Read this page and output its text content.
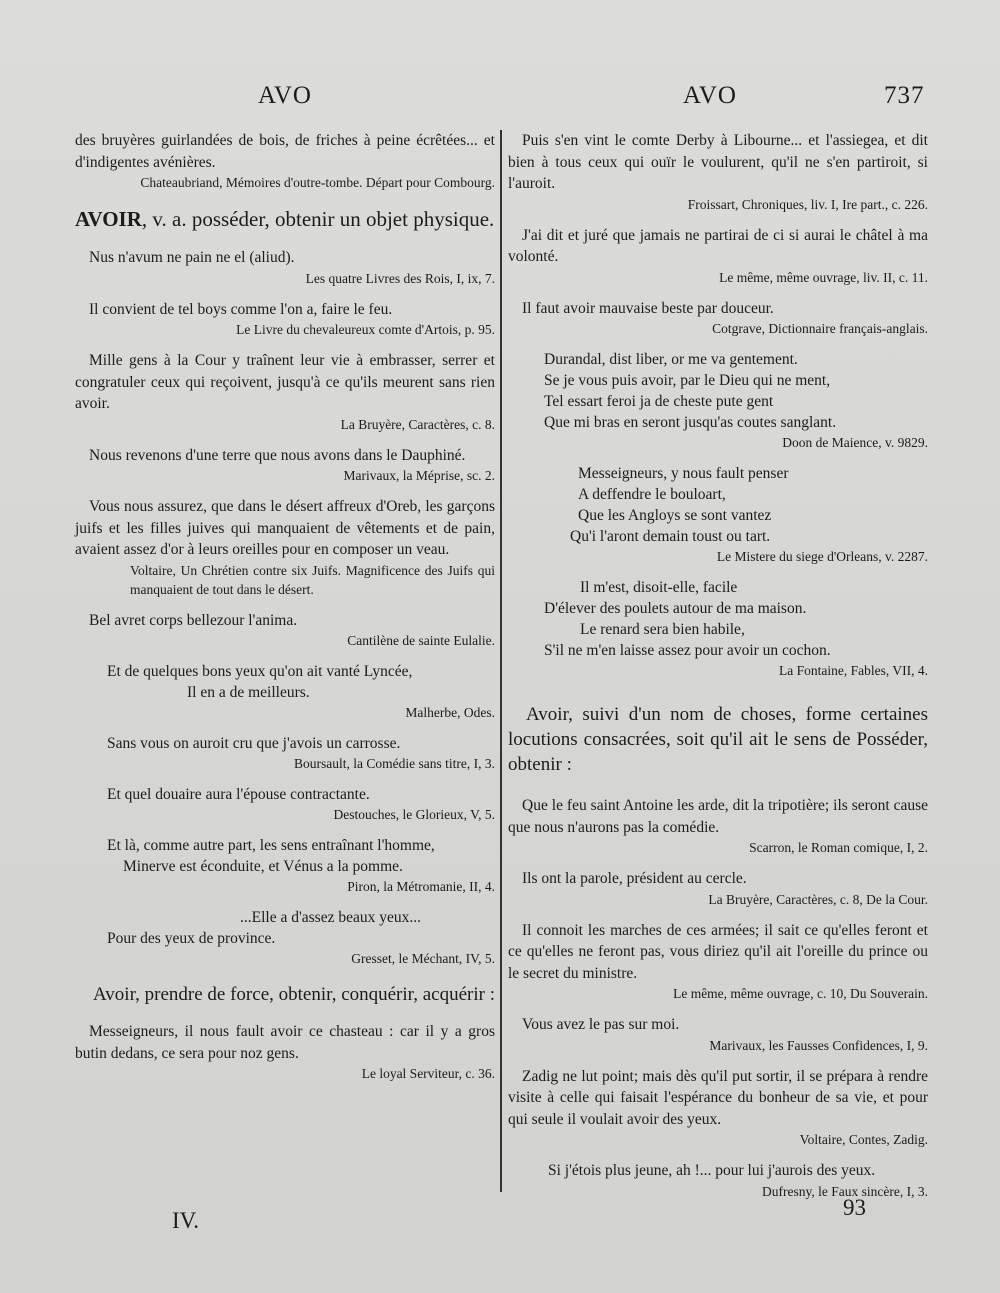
AVO	AVO	737

des bruyères guirlandées de bois, de friches à peine écrêtées... et d'indigentes avénières.

Chateaubriand, Mémoires d'outre-tombe. Départ pour Combourg.

AVOIR, v. a. posséder, obtenir un objet physique.

Nus n'avum ne pain ne el (aliud).

Les quatre Livres des Rois, I, ix, 7.

Il convient de tel boys comme l'on a, faire le feu.

Le Livre du chevaleureux comte d'Artois, p. 95.

Mille gens à la Cour y traînent leur vie à embrasser, serrer et congratuler ceux qui reçoivent, jusqu'à ce qu'ils meurent sans rien avoir.

La Bruyère, Caractères, c. 8.

Nous revenons d'une terre que nous avons dans le Dauphiné.

Marivaux, la Méprise, sc. 2.

Vous nous assurez, que dans le désert affreux d'Oreb, les garçons juifs et les filles juives qui manquaient de vêtements et de pain, avaient assez d'or à leurs oreilles pour en composer un veau.

Voltaire, Un Chrétien contre six Juifs. Magnificence des Juifs qui manquaient de tout dans le désert.

Bel avret corps bellezour l'anima.

Cantilène de sainte Eulalie.

Et de quelques bons yeux qu'on ait vanté Lyncée,

Il en a de meilleurs.

Malherbe, Odes.

Sans vous on auroit cru que j'avois un carrosse.

Boursault, la Comédie sans titre, I, 3.

Et quel douaire aura l'épouse contractante.

Destouches, le Glorieux, V, 5.

Et là, comme autre part, les sens entraînant l'homme,

Minerve est éconduite, et Vénus a la pomme.

Piron, la Métromanie, II, 4.

...Elle a d'assez beaux yeux...

Pour des yeux de province.

Gresset, le Méchant, IV, 5.

Avoir, prendre de force, obtenir, conquérir, acquérir :

Messeigneurs, il nous fault avoir ce chasteau : car il y a gros butin dedans, ce sera pour noz gens.

Le loyal Serviteur, c. 36.

Puis s'en vint le comte Derby à Libourne... et l'assiegea, et dit bien à tous ceux qui ouïr le voulurent, qu'il ne s'en partiroit, si l'auroit.

Froissart, Chroniques, liv. I, Ire part., c. 226.

J'ai dit et juré que jamais ne partirai de ci si aurai le châtel à ma volonté.

Le même, même ouvrage, liv. II, c. 11.

Il faut avoir mauvaise beste par douceur.

Cotgrave, Dictionnaire français-anglais.

Durandal, dist liber, or me va gentement.

Se je vous puis avoir, par le Dieu qui ne ment,

Tel essart feroi ja de cheste pute gent

Que mi bras en seront jusqu'as coutes sanglant.

Doon de Maience, v. 9829.

Messeigneurs, y nous fault penser

A deffendre le bouloart,

Que les Angloys se sont vantez

Qu'i l'aront demain toust ou tart.

Le Mistere du siege d'Orleans, v. 2287.

Il m'est, disoit-elle, facile

D'élever des poulets autour de ma maison.

Le renard sera bien habile,

S'il ne m'en laisse assez pour avoir un cochon.

La Fontaine, Fables, VII, 4.

Avoir, suivi d'un nom de choses, forme certaines locutions consacrées, soit qu'il ait le sens de Posséder, obtenir :

Que le feu saint Antoine les arde, dit la tripotière; ils seront cause que nous n'aurons pas la comédie.

Scarron, le Roman comique, I, 2.

Ils ont la parole, président au cercle.

La Bruyère, Caractères, c. 8, De la Cour.

Il connoit les marches de ces armées; il sait ce qu'elles feront et ce qu'elles ne feront pas, vous diriez qu'il ait l'oreille du prince ou le secret du ministre.

Le même, même ouvrage, c. 10, Du Souverain.

Vous avez le pas sur moi.

Marivaux, les Fausses Confidences, I, 9.

Zadig ne lut point; mais dès qu'il put sortir, il se prépara à rendre visite à celle qui faisait l'espérance du bonheur de sa vie, et pour qui seule il voulait avoir des yeux.

Voltaire, Contes, Zadig.

Si j'étois plus jeune, ah !... pour lui j'aurois des yeux.

Dufresny, le Faux sincère, I, 3.

IV.
93
